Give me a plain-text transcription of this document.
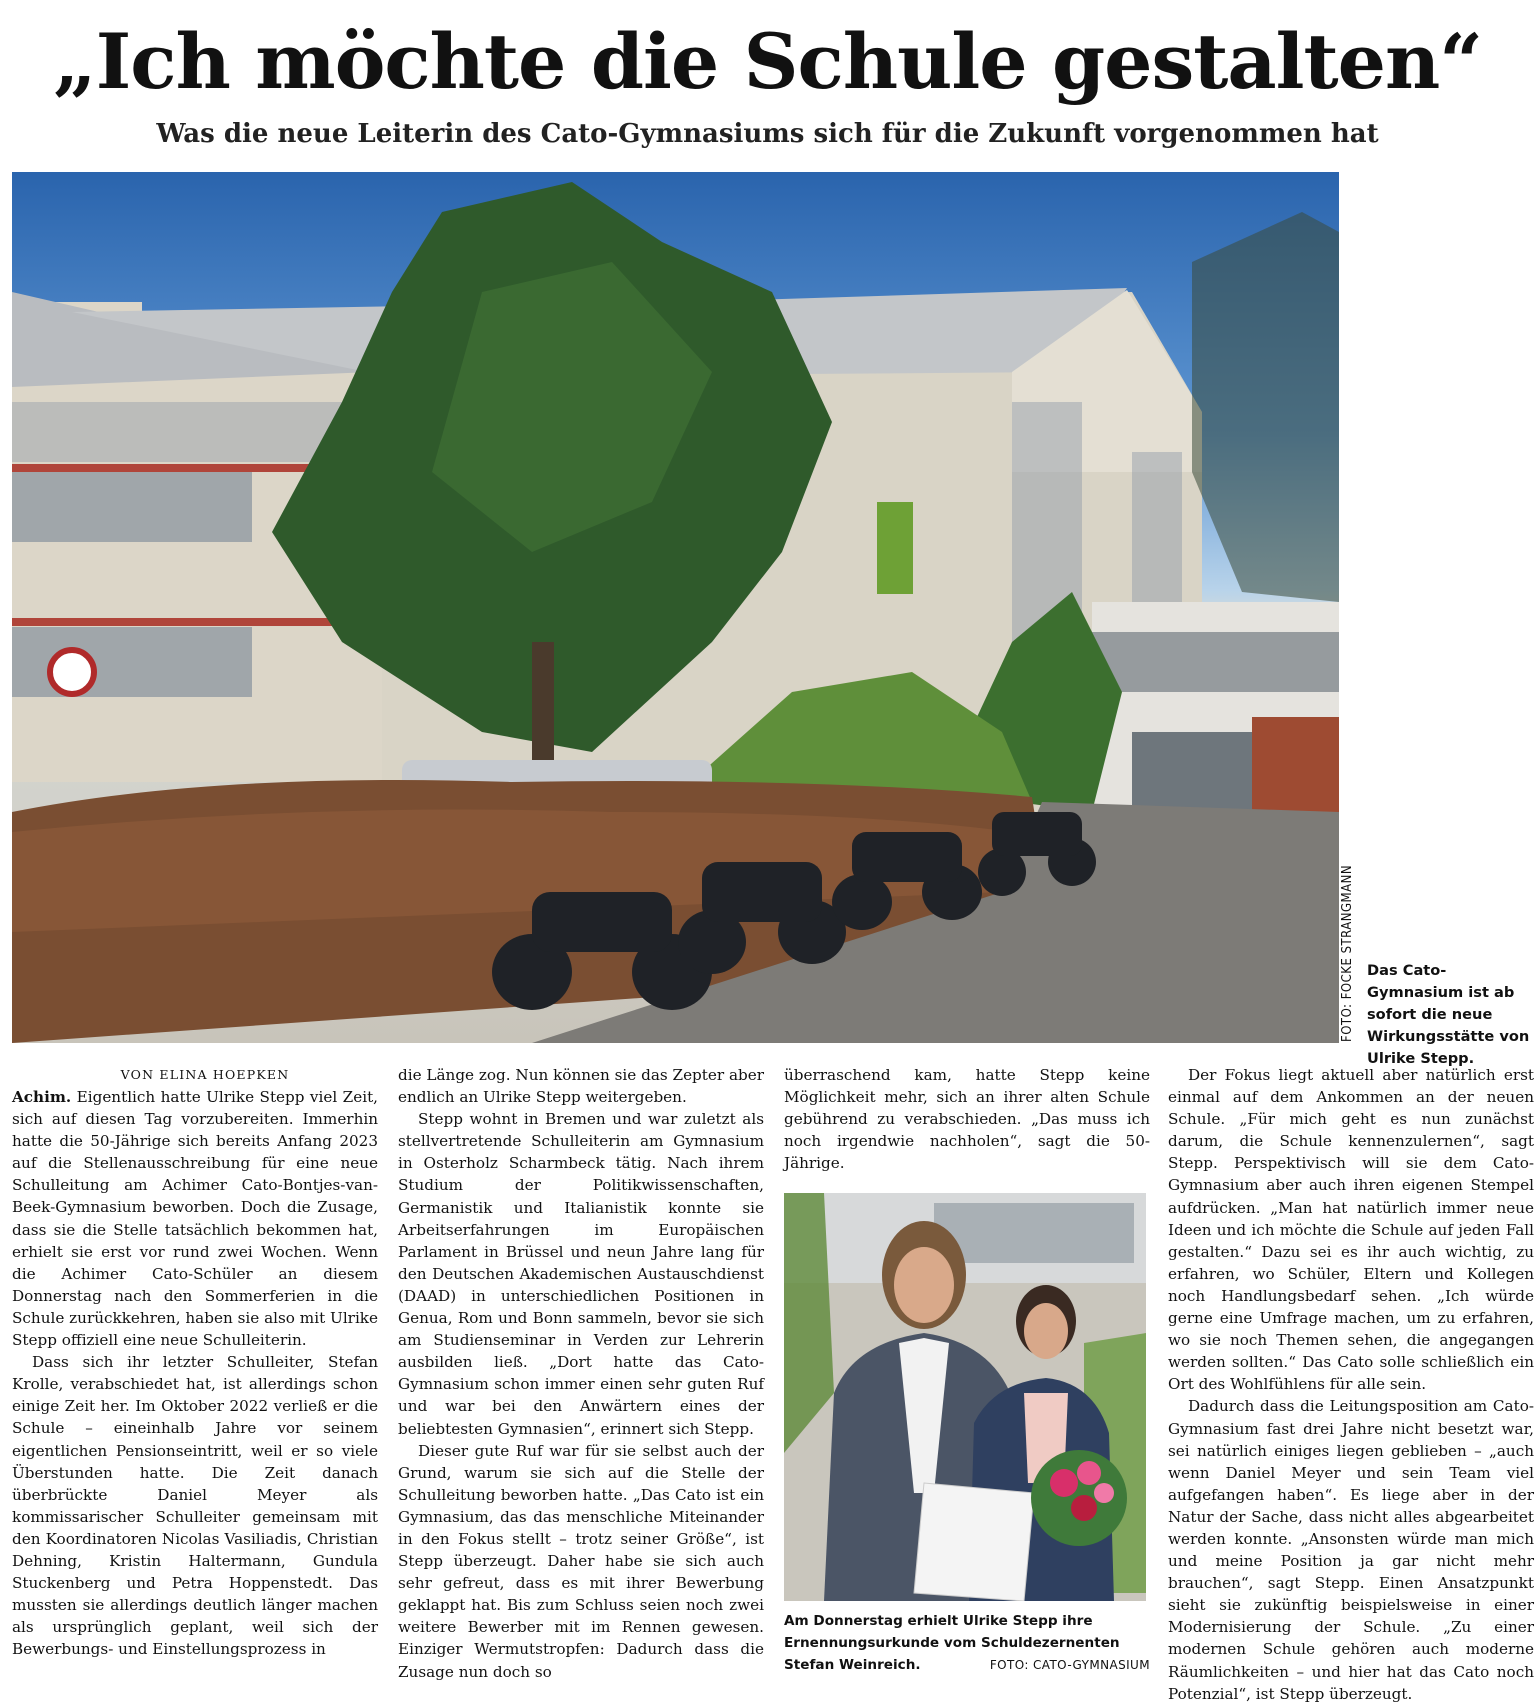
„Ich möchte die Schule gestalten“
Was die neue Leiterin des Cato-Gymnasiums sich für die Zukunft vorgenommen hat
FOTO: FOCKE STRANGMANN Das Cato-Gymnasium ist ab sofort die neue Wirkungsstätte von Ulrike Stepp.

VON ELINA HOEPKEN

Achim. Eigentlich hatte Ulrike Stepp viel Zeit, sich auf diesen Tag vorzubereiten. Immerhin hatte die 50-Jährige sich bereits Anfang 2023 auf die Stellenausschreibung für eine neue Schulleitung am Achimer Cato-Bontjes-van-Beek-Gymnasium beworben. Doch die Zusage, dass sie die Stelle tatsächlich bekommen hat, erhielt sie erst vor rund zwei Wochen. Wenn die Achimer Cato-Schüler an diesem Donnerstag nach den Sommerferien in die Schule zurückkehren, haben sie also mit Ulrike Stepp offiziell eine neue Schulleiterin.

Dass sich ihr letzter Schulleiter, Stefan Krolle, verabschiedet hat, ist allerdings schon einige Zeit her. Im Oktober 2022 verließ er die Schule – eineinhalb Jahre vor seinem eigentlichen Pensionseintritt, weil er so viele Überstunden hatte. Die Zeit danach überbrückte Daniel Meyer als kommissarischer Schulleiter gemeinsam mit den Koordinatoren Nicolas Vasiliadis, Christian Dehning, Kristin Haltermann, Gundula Stuckenberg und Petra Hoppenstedt. Das mussten sie allerdings deutlich länger machen als ursprünglich geplant, weil sich der Bewerbungs- und Einstellungsprozess in

die Länge zog. Nun können sie das Zepter aber endlich an Ulrike Stepp weitergeben.

Stepp wohnt in Bremen und war zuletzt als stellvertretende Schulleiterin am Gymnasium in Osterholz Scharmbeck tätig. Nach ihrem Studium der Politikwissenschaften, Germanistik und Italianistik konnte sie Arbeitserfahrungen im Europäischen Parlament in Brüssel und neun Jahre lang für den Deutschen Akademischen Austauschdienst (DAAD) in unterschiedlichen Positionen in Genua, Rom und Bonn sammeln, bevor sie sich am Studienseminar in Verden zur Lehrerin ausbilden ließ. „Dort hatte das Cato-Gymnasium schon immer einen sehr guten Ruf und war bei den Anwärtern eines der beliebtesten Gymnasien“, erinnert sich Stepp.

Dieser gute Ruf war für sie selbst auch der Grund, warum sie sich auf die Stelle der Schulleitung beworben hatte. „Das Cato ist ein Gymnasium, das das menschliche Miteinander in den Fokus stellt – trotz seiner Größe“, ist Stepp überzeugt. Daher habe sie sich auch sehr gefreut, dass es mit ihrer Bewerbung geklappt hat. Bis zum Schluss seien noch zwei weitere Bewerber mit im Rennen gewesen. Einziger Wermutstropfen: Dadurch dass die Zusage nun doch so

überraschend kam, hatte Stepp keine Möglichkeit mehr, sich an ihrer alten Schule gebührend zu verabschieden. „Das muss ich noch irgendwie nachholen“, sagt die 50-Jährige.

Am Donnerstag erhielt Ulrike Stepp ihre Ernennungsurkunde vom Schuldezernenten Stefan Weinreich.	FOTO: CATO-GYMNASIUM

Der Fokus liegt aktuell aber natürlich erst einmal auf dem Ankommen an der neuen Schule. „Für mich geht es nun zunächst darum, die Schule kennenzulernen“, sagt Stepp. Perspektivisch will sie dem Cato-Gymnasium aber auch ihren eigenen Stempel aufdrücken. „Man hat natürlich immer neue Ideen und ich möchte die Schule auf jeden Fall gestalten.“ Dazu sei es ihr auch wichtig, zu erfahren, wo Schüler, Eltern und Kollegen noch Handlungsbedarf sehen. „Ich würde gerne eine Umfrage machen, um zu erfahren, wo sie noch Themen sehen, die angegangen werden sollten.“ Das Cato solle schließlich ein Ort des Wohlfühlens für alle sein.

Dadurch dass die Leitungsposition am Cato-Gymnasium fast drei Jahre nicht besetzt war, sei natürlich einiges liegen geblieben – „auch wenn Daniel Meyer und sein Team viel aufgefangen haben“. Es liege aber in der Natur der Sache, dass nicht alles abgearbeitet werden konnte. „Ansonsten würde man mich und meine Position ja gar nicht mehr brauchen“, sagt Stepp. Einen Ansatzpunkt sieht sie zukünftig beispielsweise in einer Modernisierung der Schule. „Zu einer modernen Schule gehören auch moderne Räumlichkeiten – und hier hat das Cato noch Potenzial“, ist Stepp überzeugt.
